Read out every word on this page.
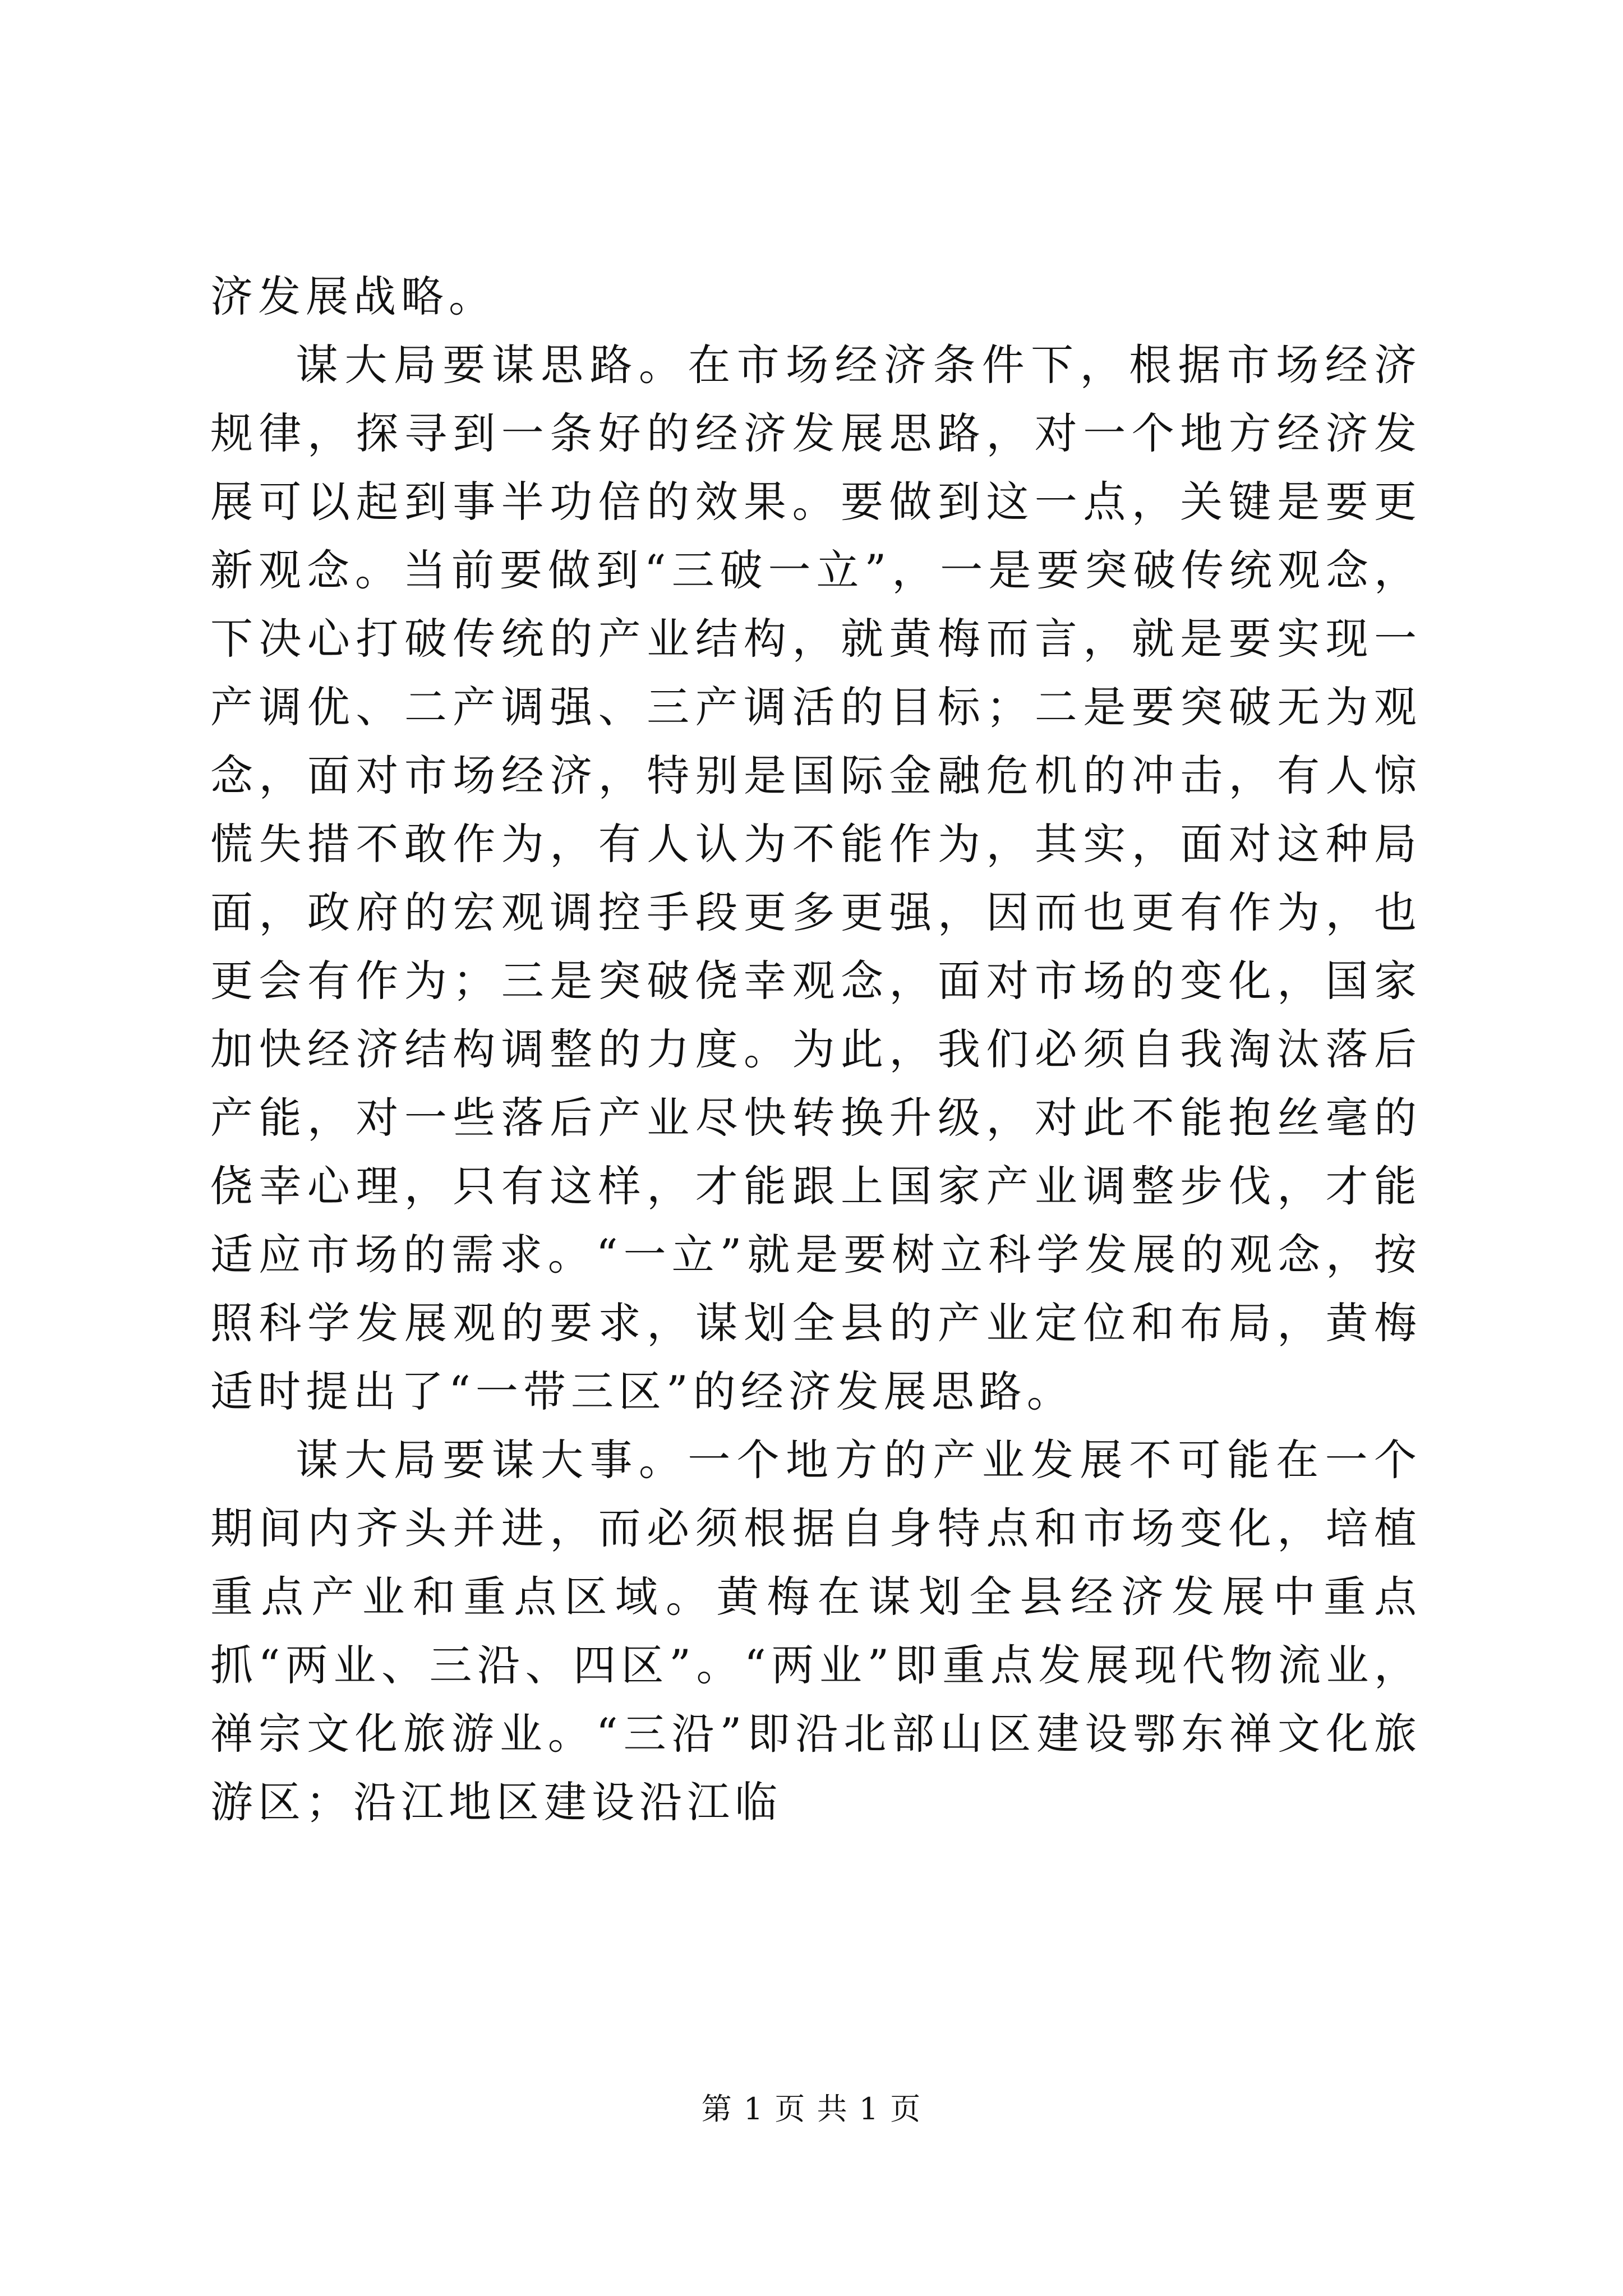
济发展战略。

谋大局要谋思路。在市场经济条件下，根据市场经济规律，探寻到一条好的经济发展思路，对一个地方经济发展可以起到事半功倍的效果。要做到这一点，关键是要更新观念。当前要做到“三破一立”，一是要突破传统观念，下决心打破传统的产业结构，就黄梅而言，就是要实现一产调优、二产调强、三产调活的目标；二是要突破无为观念，面对市场经济，特别是国际金融危机的冲击，有人惊慌失措不敢作为，有人认为不能作为，其实，面对这种局面，政府的宏观调控手段更多更强，因而也更有作为，也更会有作为；三是突破侥幸观念，面对市场的变化，国家加快经济结构调整的力度。为此，我们必须自我淘汰落后产能，对一些落后产业尽快转换升级，对此不能抱丝毫的侥幸心理，只有这样，才能跟上国家产业调整步伐，才能适应市场的需求。“一立”就是要树立科学发展的观念，按照科学发展观的要求，谋划全县的产业定位和布局，黄梅适时提出了“一带三区”的经济发展思路。

谋大局要谋大事。一个地方的产业发展不可能在一个期间内齐头并进，而必须根据自身特点和市场变化，培植重点产业和重点区域。黄梅在谋划全县经济发展中重点抓“两业、三沿、四区”。“两业”即重点发展现代物流业，禅宗文化旅游业。“三沿”即沿北部山区建设鄂东禅文化旅游区；沿江地区建设沿江临

第 1 页 共 1 页
